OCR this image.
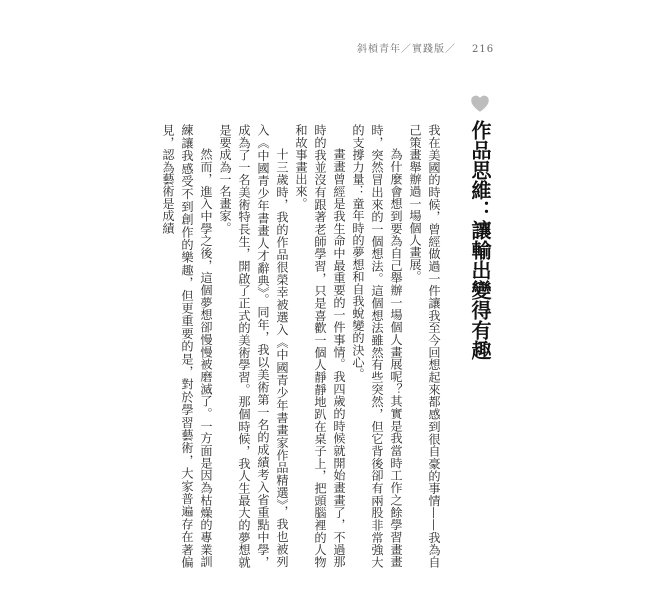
斜槓青年／實踐版／ 216
作品思維：讓輸出變得有趣

我在美國的時候，曾經做過一件讓我至今回想起來都感到很自豪的事情——我為自己策畫舉辦過一場個人畫展。

為什麼會想到要為自己舉辦一場個人畫展呢？其實是我當時工作之餘學習畫畫時，突然冒出來的一個想法。這個想法雖然有些突然，但它背後卻有兩股非常強大的支撐力量：童年時的夢想和自我蛻變的決心。

畫畫曾經是我生命中最重要的一件事情。我四歲的時候就開始畫畫了，不過那時的我並沒有跟著老師學習，只是喜歡一個人靜靜地趴在桌子上，把頭腦裡的人物和故事畫出來。

十三歲時，我的作品很榮幸被選入《中國青少年書畫家作品精選》，我也被列入《中國青少年書畫人才辭典》。同年，我以美術第一名的成績考入省重點中學，成為了一名美術特長生，開啟了正式的美術學習。那個時候，我人生最大的夢想就是要成為一名畫家。

然而，進入中學之後，這個夢想卻慢慢被磨滅了。一方面是因為枯燥的專業訓練讓我感受不到創作的樂趣，但更重要的是，對於學習藝術，大家普遍存在著偏見，認為藝術是成績
